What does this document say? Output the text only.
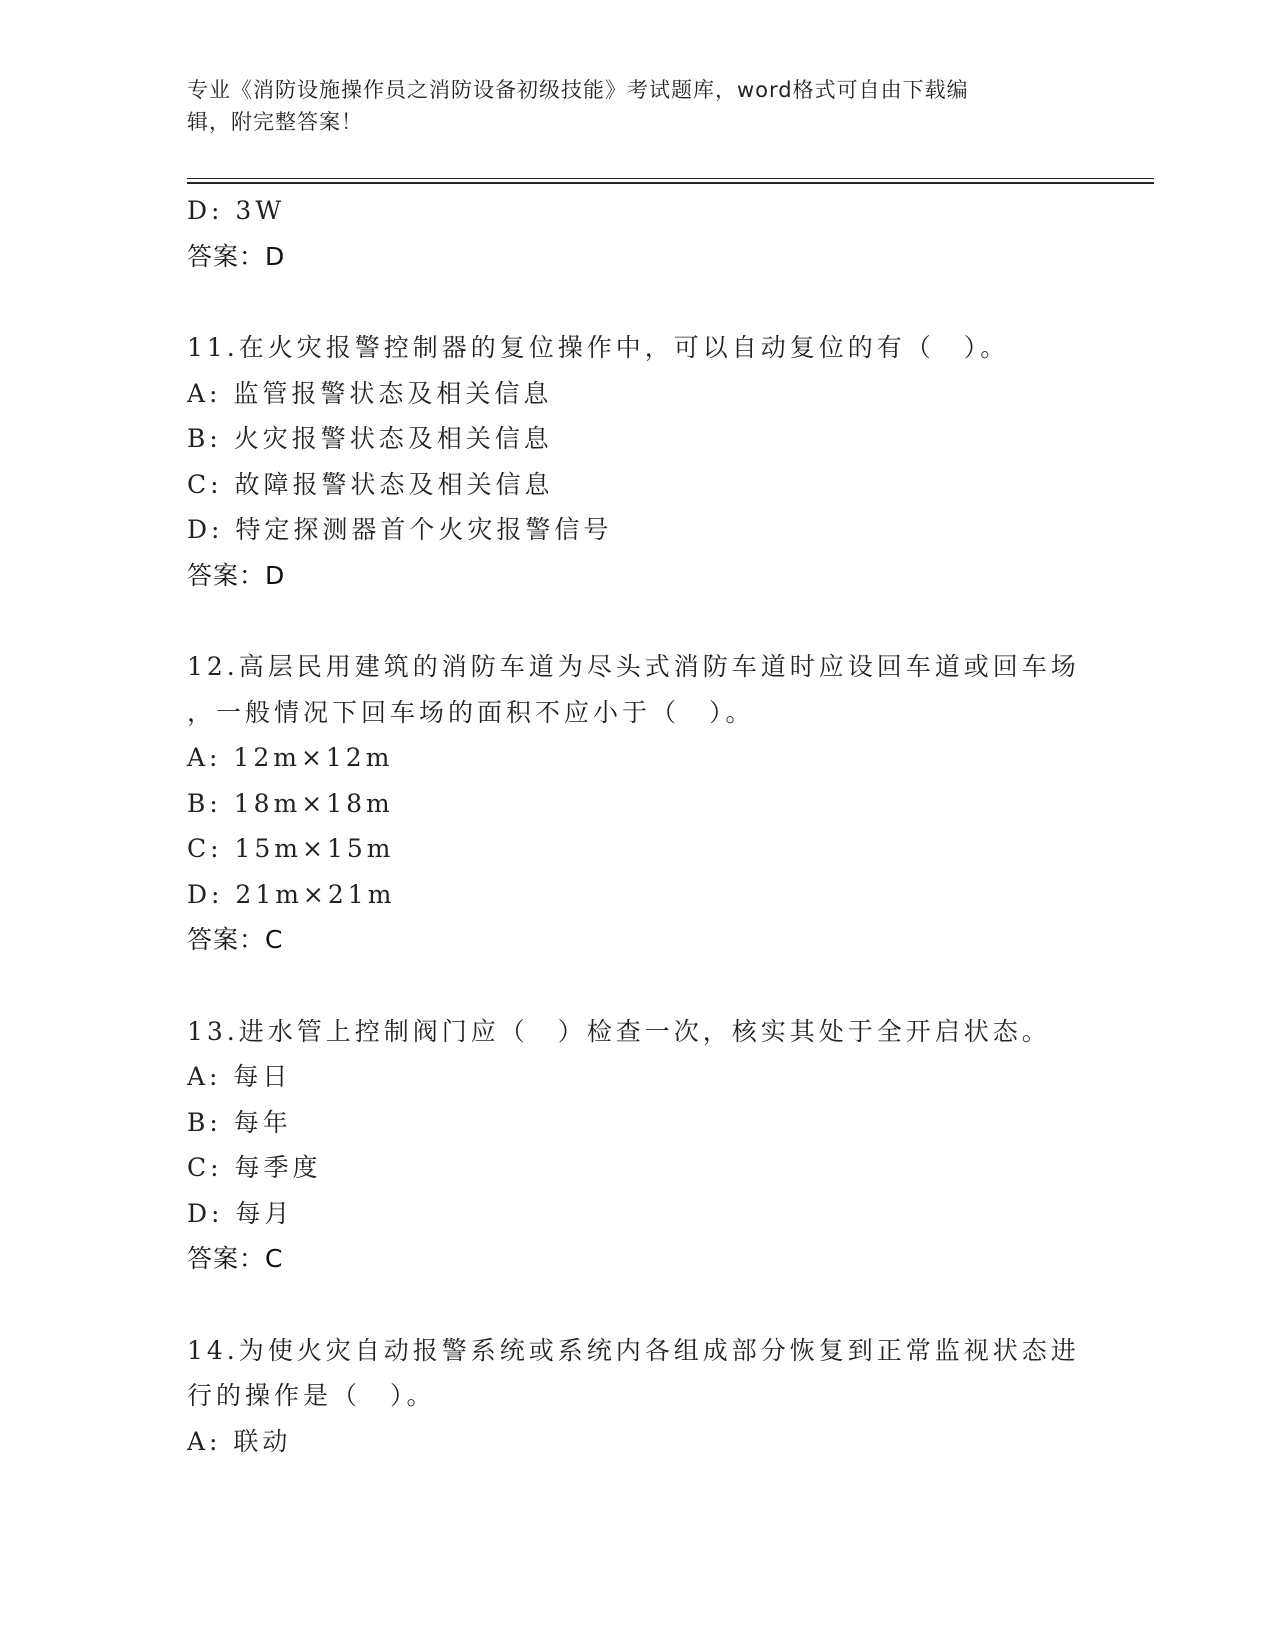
专业《消防设施操作员之消防设备初级技能》考试题库，word格式可自由下载编
辑，附完整答案！
D: 3W
答案：D
11.在火灾报警控制器的复位操作中，可以自动复位的有（　）。
A: 监管报警状态及相关信息
B: 火灾报警状态及相关信息
C: 故障报警状态及相关信息
D: 特定探测器首个火灾报警信号
答案：D
12.高层民用建筑的消防车道为尽头式消防车道时应设回车道或回车场
，一般情况下回车场的面积不应小于（　）。
A: 12m×12m
B: 18m×18m
C: 15m×15m
D: 21m×21m
答案：C
13.进水管上控制阀门应（　）检查一次，核实其处于全开启状态。
A: 每日
B: 每年
C: 每季度
D: 每月
答案：C
14.为使火灾自动报警系统或系统内各组成部分恢复到正常监视状态进
行的操作是（　）。
A: 联动
